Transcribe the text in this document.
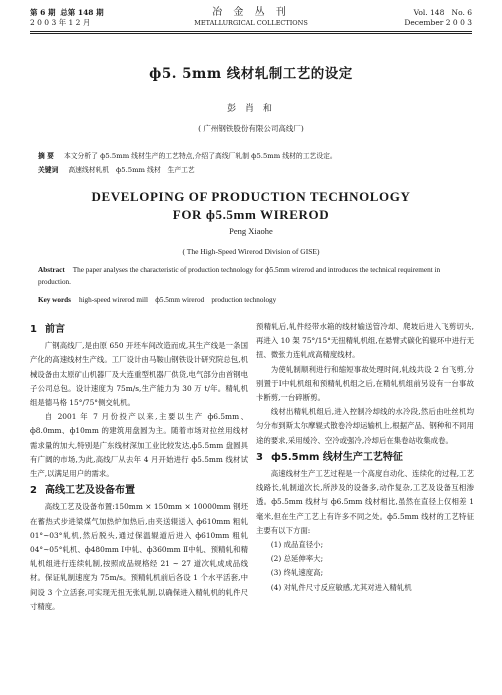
第 6 期 总第 148 期
2 0 0 3 年 1 2 月
冶 金 丛 刊
METALLURGICAL COLLECTIONS
Vol. 148 No. 6
December 2 0 0 3
ф5. 5mm 线材轧制工艺的设定
彭 肖 和
( 广州钢铁股份有限公司高线厂)
摘 要 本文分析了 ф5.5mm 线材生产的工艺特点,介绍了高线厂轧制 ф5.5mm 线材的工艺设定。
关键词 高速线材轧机　ф5.5mm 线材　生产工艺
DEVELOPING OF PRODUCTION TECHNOLOGY
FOR ф5.5mm WIREROD
Peng Xiaohe
( The High-Speed Wirerod Division of GISE)
Abstract The paper analyses the characteristic of production technology for ф5.5mm wirerod and introduces the technical requirement in production.
Key words high-speed wirerod mill　ф5.5mm wirerod　production technology
1 前言

广钢高线厂,是由原 650 开坯车间改造而成,其生产线是一条国产化的高速线材生产线。工厂设计由马鞍山钢铁设计研究院总包,机械设备由太原矿山机器厂及大连重型机器厂供货,电气部分由首钢电子公司总包。设计速度为 75m/s,生产能力为 30 万 t/年。精轧机组是德马格 15°/75°侧交轧机。

自 2001 年 7 月份投产以来,主要以生产 ф6.5mm、ф8.0mm、ф10mm 的建筑用盘圆为主。随着市场对拉丝用线材需求量的加大,特别是广东线材深加工业比较发达,ф5.5mm 盘圆具有广阔的市场,为此,高线厂从去年 4 月开始进行 ф5.5mm 线材试生产,以满足用户的需求。

2 高线工艺及设备布置

高线工艺及设备布置:150mm × 150mm × 10000mm 钢坯在蓄热式步进梁煤气加热炉加热后,由夹送辊送入 ф610mm 粗轧 01°~03°轧机,然后脱头,通过保温辊道后进入 ф610mm 粗轧 04°~05°轧机、ф480mm Ⅰ中轧、ф360mm Ⅱ中轧、预精轧和精轧机组进行连续轧制,按照成品规格经 21 ~ 27 道次轧成成品线材。保证轧制速度为 75m/s。预精轧机前后各设 1 个水平活套,中间设 3 个立活套,可实现无扭无张轧制,以确保进入精轧机的轧件尺寸精度。

预精轧后,轧件经带水箱的线材输送管冷却、爬坡后进入飞剪切头,再进入 10 架 75°/15°无扭精轧机组,在悬臂式碳化钨辊环中进行无扭、微张力连轧成高精度线材。

为使轧制顺利进行和缩短事故处理时间,轧线共设 2 台飞剪,分别置于Ⅰ中轧机组和预精轧机组之后,在精轧机组前另设有一台事故卡断剪,一台碎断剪。

线材出精轧机组后,进入控制冷却线的水冷段,然后由吐丝机均匀分布到斯太尔摩辊式散卷冷却运输机上,根据产品、钢种和不同用途的要求,采用缓冷、空冷或强冷,冷却后在集卷站收集成卷。

3 ф5.5mm 线材生产工艺特征

高速线材生产工艺过程是一个高度自动化、连续化的过程,工艺线路长,轧制道次长,所涉及的设备多,动作复杂,工艺及设备互相渗透。ф5.5mm 线材与 ф6.5mm 线材相比,虽然在直径上仅相差 1 毫米,但在生产工艺上有许多不同之处。ф5.5mm 线材的工艺特征主要有以下方面:

(1) 成品直径小;
(2) 总延伸率大;
(3) 终轧速度高;
(4) 对轧件尺寸反应敏感,尤其对进入精轧机
